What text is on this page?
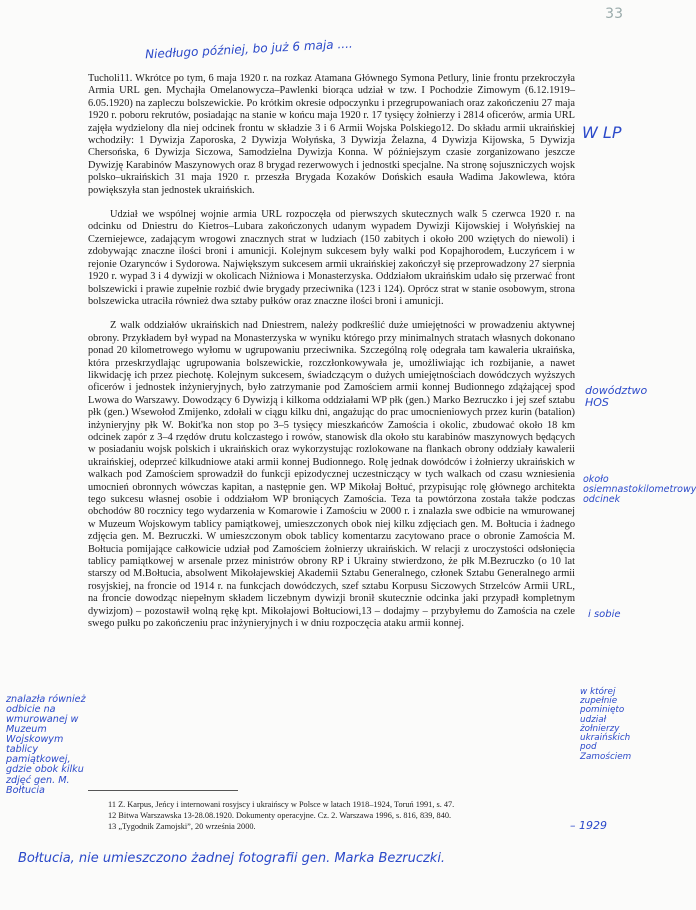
33
Niedługo później, bo już 6 maja ....

Tucholi11. Wkrótce po tym, 6 maja 1920 r. na rozkaz Atamana Głównego Symona Petlury, linie frontu przekroczyła Armia URL gen. Mychajła Omelanowycza–Pawlenki biorąca udział w tzw. I Pochodzie Zimowym (6.12.1919–6.05.1920) na zapleczu bolszewickie. Po krótkim okresie odpoczynku i przegrupowaniach oraz zakończeniu 27 maja 1920 r. poboru rekrutów, posiadając na stanie w końcu maja 1920 r. 17 tysięcy żołnierzy i 2814 oficerów, armia URL zajęła wydzielony dla niej odcinek frontu w składzie 3 i 6 Armii Wojska Polskiego12. Do składu armii ukraińskiej wchodziły: 1 Dywizja Zaporoska, 2 Dywizja Wołyńska, 3 Dywizja Żelazna, 4 Dywizja Kijowska, 5 Dywizja Chersońska, 6 Dywizja Siczowa, Samodzielna Dywizja Konna. W późniejszym czasie zorganizowano jeszcze Dywizję Karabinów Maszynowych oraz 8 brygad rezerwowych i jednostki specjalne. Na stronę sojuszniczych wojsk polsko–ukraińskich 31 maja 1920 r. przeszła Brygada Kozaków Dońskich esauła Wadima Jakowlewa, która powiększyła stan jednostek ukraińskich.

Udział we wspólnej wojnie armia URL rozpoczęła od pierwszych skutecznych walk 5 czerwca 1920 r. na odcinku od Dniestru do Kietros–Lubara zakończonych udanym wypadem Dywizji Kijowskiej i Wołyńskiej na Czerniejewce, zadającym wrogowi znacznych strat w ludziach (150 zabitych i około 200 wziętych do niewoli) i zdobywając znaczne ilości broni i amunicji. Kolejnym sukcesem były walki pod Kopajhorodem, Łuczyńcem i w rejonie Ozarynców i Sydorowa. Największym sukcesem armii ukraińskiej zakończył się przeprowadzony 27 sierpnia 1920 r. wypad 3 i 4 dywizji w okolicach Niżniowa i Monasterzyska. Oddziałom ukraińskim udało się przerwać front bolszewicki i prawie zupełnie rozbić dwie brygady przeciwnika (123 i 124). Oprócz strat w stanie osobowym, strona bolszewicka utraciła również dwa sztaby pułków oraz znaczne ilości broni i amunicji.

Z walk oddziałów ukraińskich nad Dniestrem, należy podkreślić duże umiejętności w prowadzeniu aktywnej obrony. Przykładem był wypad na Monasterzyska w wyniku którego przy minimalnych stratach własnych dokonano ponad 20 kilometrowego wyłomu w ugrupowaniu przeciwnika. Szczególną rolę odegrała tam kawaleria ukraińska, która przeskrzydlając ugrupowania bolszewickie, rozczłonkowywała je, umożliwiając ich rozbijanie, a nawet likwidację ich przez piechotę. Kolejnym sukcesem, świadczącym o dużych umiejętnościach dowódczych wyższych oficerów i jednostek inżynieryjnych, było zatrzymanie pod Zamościem armii konnej Budionnego zdążającej spod Lwowa do Warszawy. Dowodzący 6 Dywizją i kilkoma oddziałami WP płk (gen.) Marko Bezruczko i jej szef sztabu płk (gen.) Wsewołod Zmijenko, zdołali w ciągu kilku dni, angażując do prac umocnieniowych przez kurin (batalion) inżynieryjny płk W. Bokit'ka non stop po 3–5 tysięcy mieszkańców Zamościa i okolic, zbudować około 18 km odcinek zapór z 3–4 rzędów drutu kolczastego i rowów, stanowisk dla około stu karabinów maszynowych będących w posiadaniu wojsk polskich i ukraińskich oraz wykorzystując rozlokowane na flankach obrony oddziały kawalerii ukraińskiej, odeprzeć kilkudniowe ataki armii konnej Budionnego. Rolę jednak dowódców i żołnierzy ukraińskich w walkach pod Zamościem sprowadził do funkcji epizodycznej uczestniczący w tych walkach od czasu wzniesienia umocnień obronnych wówczas kapitan, a następnie gen. WP Mikołaj Bołtuć, przypisując rolę głównego architekta tego sukcesu własnej osobie i oddziałom WP broniących Zamościa. Teza ta powtórzona została także podczas obchodów 80 rocznicy tego wydarzenia w Komarowie i Zamościu w 2000 r. i znalazła swe odbicie na wmurowanej w Muzeum Wojskowym tablicy pamiątkowej, umieszczonych obok niej kilku zdjęciach gen. M. Bołtucia i żadnego zdjęcia gen. M. Bezruczki. W umieszczonym obok tablicy komentarzu zacytowano prace o obronie Zamościa M. Bołtucia pomijające całkowicie udział pod Zamościem żołnierzy ukraińskich. W relacji z uroczystości odsłonięcia tablicy pamiątkowej w arsenale przez ministrów obrony RP i Ukrainy stwierdzono, że płk M.Bezruczko (o 10 lat starszy od M.Bołtucia, absolwent Mikołajewskiej Akademii Sztabu Generalnego, członek Sztabu Generalnego armii rosyjskiej, na froncie od 1914 r. na funkcjach dowódczych, szef sztabu Korpusu Siczowych Strzelców Armii URL, na froncie dowodząc niepełnym składem liczebnym dywizji bronił skutecznie odcinka jaki przypadł kompletnym dywizjom) – pozostawił wolną rękę kpt. Mikołajowi Bołtuciowi,13 – dodajmy – przybyłemu do Zamościa na czele swego pułku po zakończeniu prac inżynieryjnych i w dniu rozpoczęcia ataku armii konnej.

11 Z. Karpus, Jeńcy i internowani rosyjscy i ukraińscy w Polsce w latach 1918–1924, Toruń 1991, s. 47.
12 Bitwa Warszawska 13-28.08.1920. Dokumenty operacyjne. Cz. 2. Warszawa 1996, s. 816, 839, 840.
13 „Tygodnik Zamojski”, 20 września 2000.
W LP
dowództwo HOS
około osiemnastokilometrowy odcinek
i sobie
w której zupełnie pominięto udział żołnierzy ukraińskich pod Zamościem
– 1929
znalazła również odbicie na wmurowanej w Muzeum Wojskowym tablicy pamiątkowej, gdzie obok kilku zdjęć gen. M. Bołtucia
Bołtucia, nie umieszczono żadnej fotografii gen. Marka Bezruczki.
